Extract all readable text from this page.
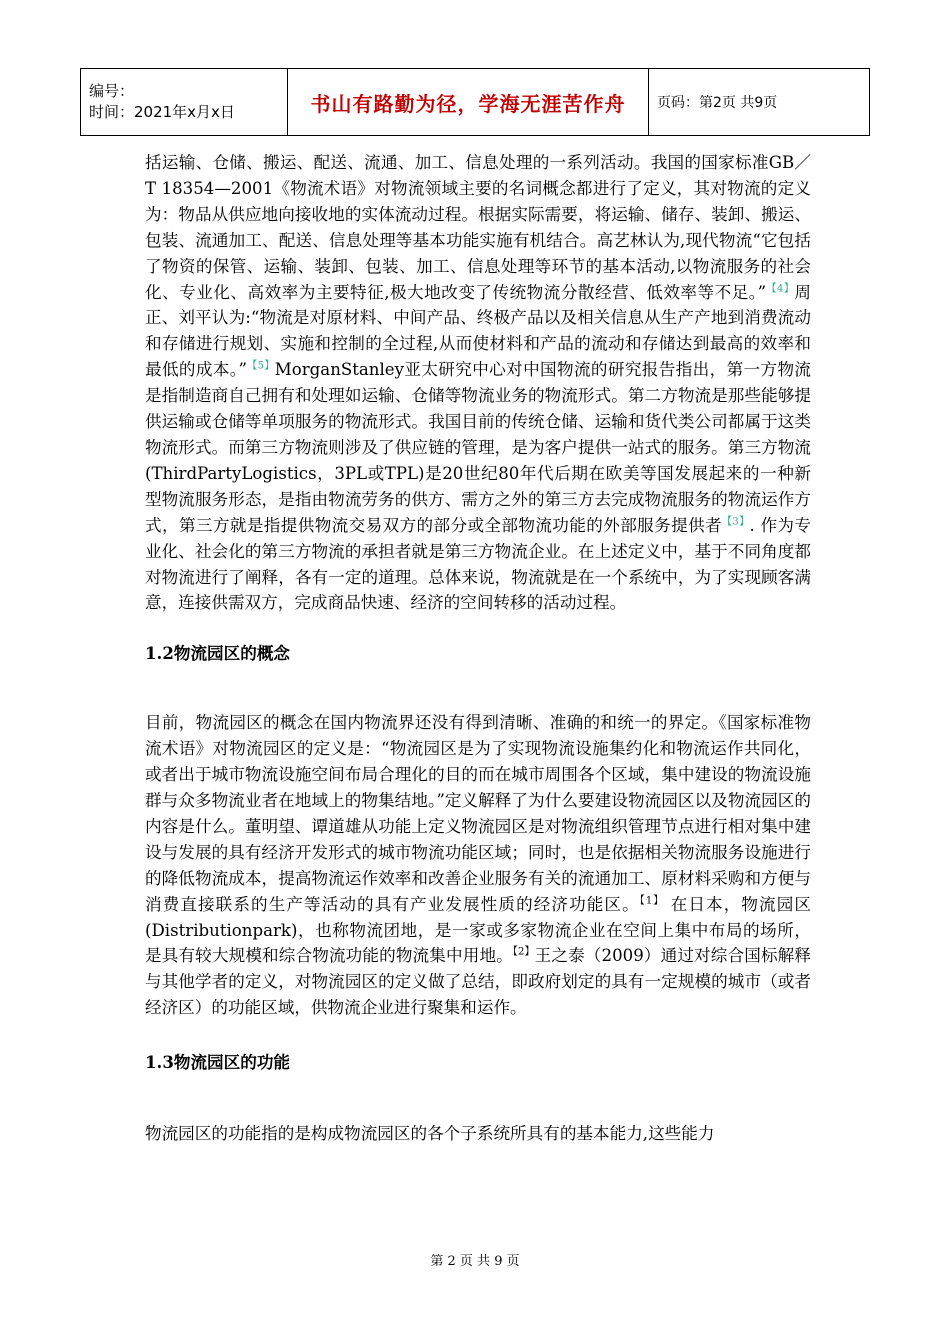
编号：
时间：2021年x月x日	书山有路勤为径，学海无涯苦作舟	页码：第2页 共9页

括运输、仓储、搬运、配送、流通、加工、信息处理的一系列活动。我国的国家标准GB／T 18354—2001《物流术语》对物流领域主要的名词概念都进行了定义，其对物流的定义为：物品从供应地向接收地的实体流动过程。根据实际需要，将运输、储存、装卸、搬运、包装、流通加工、配送、信息处理等基本功能实施有机结合。高艺林认为,现代物流“它包括了物资的保管、运输、装卸、包装、加工、信息处理等环节的基本活动,以物流服务的社会化、专业化、高效率为主要特征,极大地改变了传统物流分散经营、低效率等不足。”$^{【4】}$周正、刘平认为:“物流是对原材料、中间产品、终极产品以及相关信息从生产产地到消费流动和存储进行规划、实施和控制的全过程,从而使材料和产品的流动和存储达到最高的效率和最低的成本。”$^{【5】}$MorganStanley亚太研究中心对中国物流的研究报告指出，第一方物流是指制造商自己拥有和处理如运输、仓储等物流业务的物流形式。第二方物流是那些能够提供运输或仓储等单项服务的物流形式。我国目前的传统仓储、运输和货代类公司都属于这类物流形式。而第三方物流则涉及了供应链的管理，是为客户提供一站式的服务。第三方物流(ThirdPartyLogistics，3PL或TPL)是20世纪80年代后期在欧美等国发展起来的一种新型物流服务形态，是指由物流劳务的供方、需方之外的第三方去完成物流服务的物流运作方式，第三方就是指提供物流交易双方的部分或全部物流功能的外部服务提供者$^{【3】}$. 作为专业化、社会化的第三方物流的承担者就是第三方物流企业。在上述定义中，基于不同角度都对物流进行了阐释，各有一定的道理。总体来说，物流就是在一个系统中，为了实现顾客满意，连接供需双方，完成商品快速、经济的空间转移的活动过程。

1.2物流园区的概念

目前，物流园区的概念在国内物流界还没有得到清晰、准确的和统一的界定。《国家标准物流术语》对物流园区的定义是：“物流园区是为了实现物流设施集约化和物流运作共同化，或者出于城市物流设施空间布局合理化的目的而在城市周围各个区域，集中建设的物流设施群与众多物流业者在地域上的物集结地。”定义解释了为什么要建设物流园区以及物流园区的内容是什么。董明望、谭道雄从功能上定义物流园区是对物流组织管理节点进行相对集中建设与发展的具有经济开发形式的城市物流功能区域；同时，也是依据相关物流服务设施进行的降低物流成本，提高物流运作效率和改善企业服务有关的流通加工、原材料采购和方便与消费直接联系的生产等活动的具有产业发展性质的经济功能区。$^{【1】}$ 在日本，物流园区(Distributionpark)，也称物流团地，是一家或多家物流企业在空间上集中布局的场所，是具有较大规模和综合物流功能的物流集中用地。$^{【2】}$王之泰（2009）通过对综合国标解释与其他学者的定义，对物流园区的定义做了总结，即政府划定的具有一定规模的城市（或者经济区）的功能区域，供物流企业进行聚集和运作。

1.3物流园区的功能

物流园区的功能指的是构成物流园区的各个子系统所具有的基本能力,这些能力

第 2 页 共 9 页
